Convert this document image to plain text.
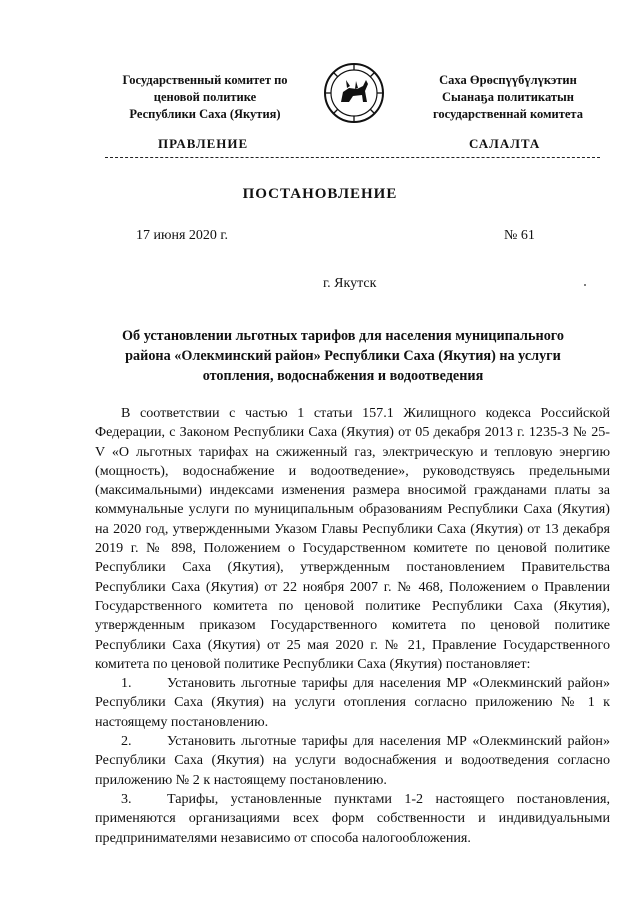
Государственный комитет по
ценовой политике
Республики Саха (Якутия)
Саха Өрөспүүбүлүкэтин
Сыанаҕа политикатын
государственнай комитета
ПРАВЛЕНИЕ	САЛАЛТА
ПОСТАНОВЛЕНИЕ
17 июня 2020 г.	№ 61
г. Якутск
Об установлении льготных тарифов для населения муниципального
района «Олекминский район» Республики Саха (Якутия) на услуги
отопления, водоснабжения и водоотведения

В соответствии с частью 1 статьи 157.1 Жилищного кодекса Российской Федерации, с Законом Республики Саха (Якутия) от 05 декабря 2013 г. 1235-З № 25-V «О льготных тарифах на сжиженный газ, электрическую и тепловую энергию (мощность), водоснабжение и водоотведение», руководствуясь предельными (максимальными) индексами изменения размера вносимой гражданами платы за коммунальные услуги по муниципальным образованиям Республики Саха (Якутия) на 2020 год, утвержденными Указом Главы Республики Саха (Якутия) от 13 декабря 2019 г. № 898, Положением о Государственном комитете по ценовой политике Республики Саха (Якутия), утвержденным постановлением Правительства Республики Саха (Якутия) от 22 ноября 2007 г. № 468, Положением о Правлении Государственного комитета по ценовой политике Республики Саха (Якутия), утвержденным приказом Государственного комитета по ценовой политике Республики Саха (Якутия) от 25 мая 2020 г. № 21, Правление Государственного комитета по ценовой политике Республики Саха (Якутия) постановляет:

1.	Установить льготные тарифы для населения МР «Олекминский район» Республики Саха (Якутия) на услуги отопления согласно приложению № 1 к настоящему постановлению.

2.	Установить льготные тарифы для населения МР «Олекминский район» Республики Саха (Якутия) на услуги водоснабжения и водоотведения согласно приложению № 2 к настоящему постановлению.

3.	Тарифы, установленные пунктами 1-2 настоящего постановления, применяются организациями всех форм собственности и индивидуальными предпринимателями независимо от способа налогообложения.
